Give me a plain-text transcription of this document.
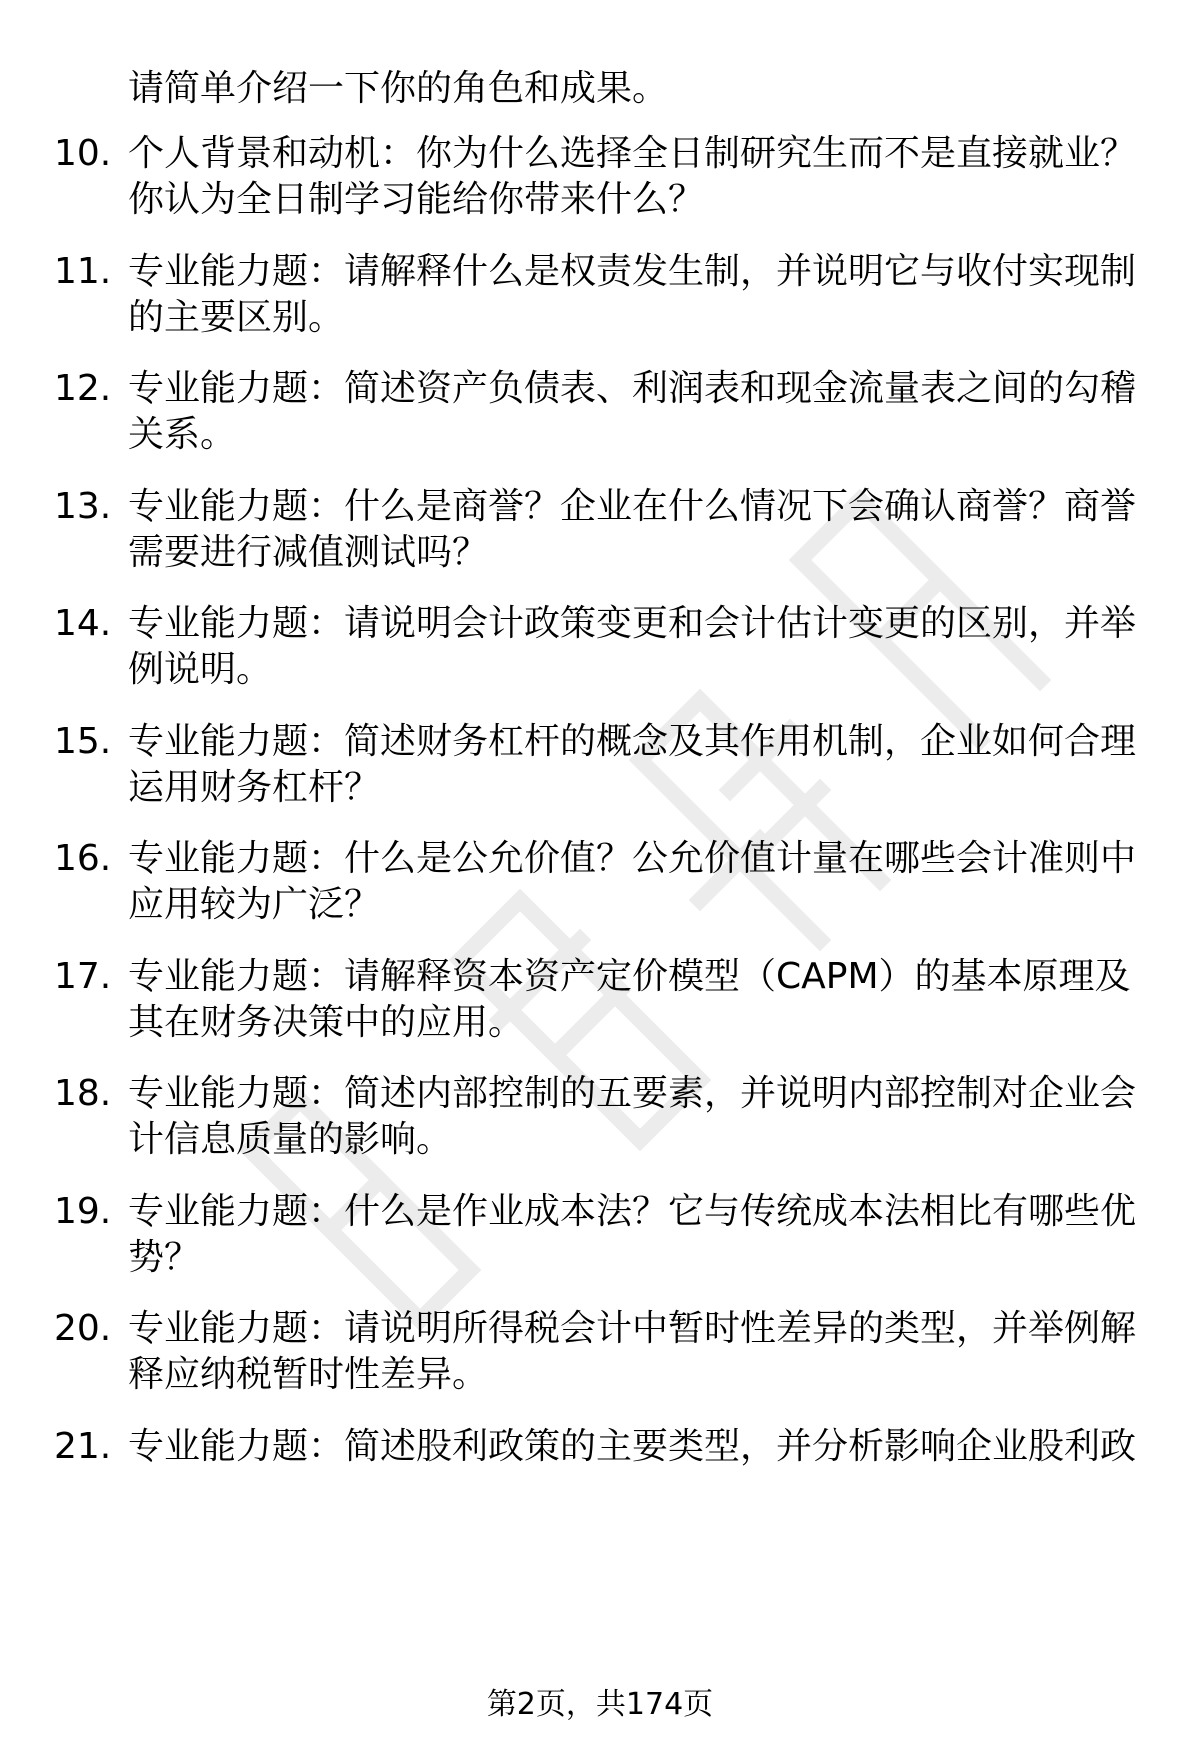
请简单介绍一下你的角色和成果。
10. 个人背景和动机：你为什么选择全日制研究生而不是直接就业？
你认为全日制学习能给你带来什么？
11. 专业能力题：请解释什么是权责发生制，并说明它与收付实现制
的主要区别。
12. 专业能力题：简述资产负债表、利润表和现金流量表之间的勾稽
关系。
13. 专业能力题：什么是商誉？企业在什么情况下会确认商誉？商誉
需要进行减值测试吗？
14. 专业能力题：请说明会计政策变更和会计估计变更的区别，并举
例说明。
15. 专业能力题：简述财务杠杆的概念及其作用机制，企业如何合理
运用财务杠杆？
16. 专业能力题：什么是公允价值？公允价值计量在哪些会计准则中
应用较为广泛？
17. 专业能力题：请解释资本资产定价模型（CAPM）的基本原理及
其在财务决策中的应用。
18. 专业能力题：简述内部控制的五要素，并说明内部控制对企业会
计信息质量的影响。
19. 专业能力题：什么是作业成本法？它与传统成本法相比有哪些优
势？
20. 专业能力题：请说明所得税会计中暂时性差异的类型，并举例解
释应纳税暂时性差异。
21. 专业能力题：简述股利政策的主要类型，并分析影响企业股利政
第2页，共174页
